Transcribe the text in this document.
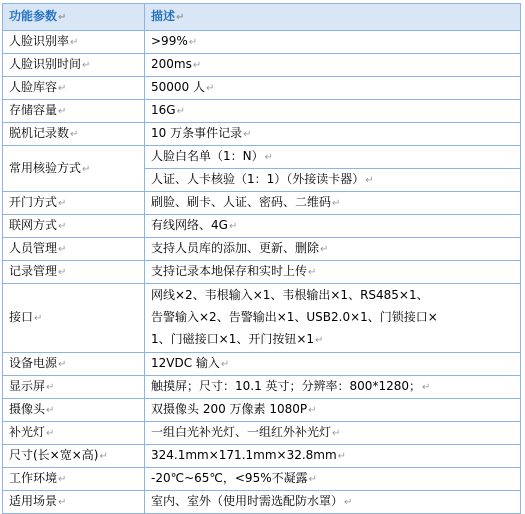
功能参数↵	描述↵
人脸识别率↵	>99%↵
人脸识别时间↵	200ms↵
人脸库容↵	50000 人↵
存储容量↵	16G↵
脱机记录数↵	10 万条事件记录↵
常用核验方式↵	人脸白名单（1：N）↵
	人证、人卡核验（1：1）（外接读卡器）↵
开门方式↵	刷脸、刷卡、人证、密码、二维码↵
联网方式↵	有线网络、4G↵
人员管理↵	支持人员库的添加、更新、删除↵
记录管理↵	支持记录本地保存和实时上传↵
接口↵	网线×2、韦根输入×1、韦根输出×1、RS485×1、
告警输入×2、告警输出×1、USB2.0×1、门锁接口×
1、门磁接口×1、开门按钮×1↵

设备电源↵	12VDC 输入↵
显示屏↵	触摸屏；尺寸：10.1 英寸；分辨率：800*1280；↵
摄像头↵	双摄像头 200 万像素 1080P↵
补光灯↵	一组白光补光灯、一组红外补光灯↵
尺寸(长×宽×高)↵	324.1mm×171.1mm×32.8mm↵
工作环境↵	-20℃~65℃，<95%不凝露↵
适用场景↵	室内、室外（使用时需选配防水罩）↵
